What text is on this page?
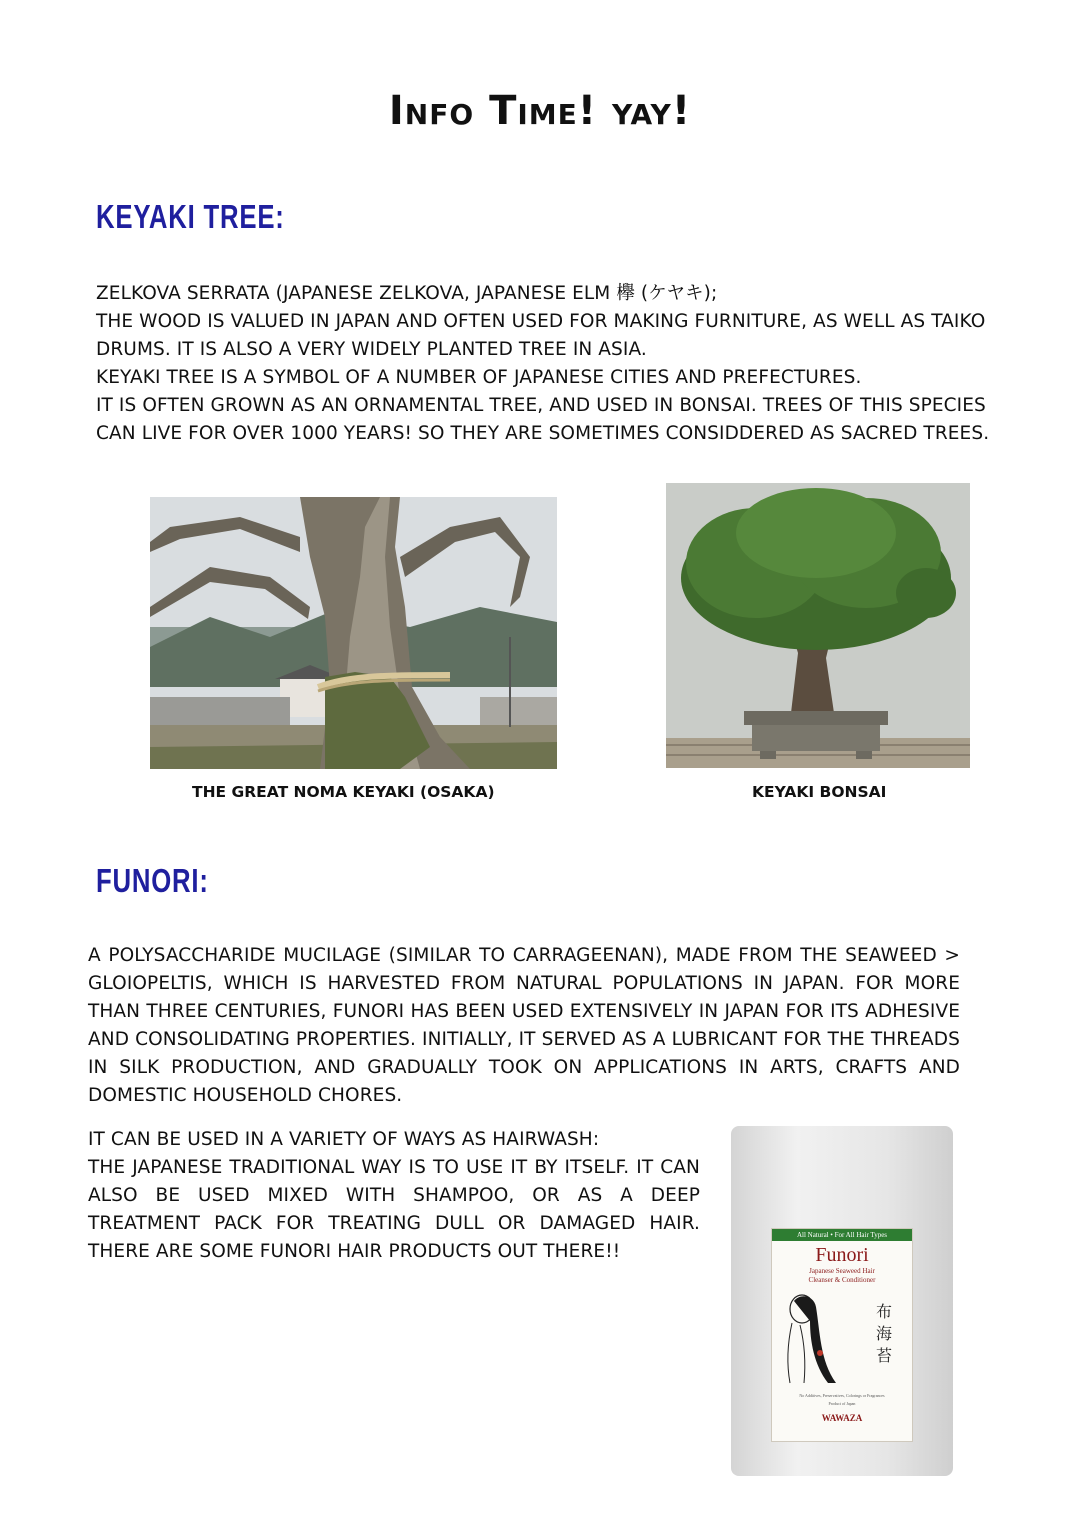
Info Time! yay!
KEYAKI TREE:

ZELKOVA SERRATA (JAPANESE ZELKOVA, JAPANESE ELM 欅 (ケヤキ);

THE WOOD IS VALUED IN JAPAN AND OFTEN USED FOR MAKING FURNITURE, AS WELL AS TAIKO DRUMS. IT IS ALSO A VERY WIDELY PLANTED TREE IN ASIA.

KEYAKI TREE IS A SYMBOL OF A NUMBER OF JAPANESE CITIES AND PREFECTURES.

IT IS OFTEN GROWN AS AN ORNAMENTAL TREE, AND USED IN BONSAI. TREES OF THIS SPECIES CAN LIVE FOR OVER 1000 YEARS! SO THEY ARE SOMETIMES CONSIDDERED AS SACRED TREES.

THE GREAT NOMA KEYAKI (OSAKA)	KEYAKI BONSAI
FUNORI:
A POLYSACCHARIDE MUCILAGE (SIMILAR TO CARRAGEENAN), MADE FROM THE SEAWEED > GLOIOPELTIS, WHICH IS HARVESTED FROM NATURAL POPULATIONS IN JAPAN. FOR MORE THAN THREE CENTURIES, FUNORI HAS BEEN USED EXTENSIVELY IN JAPAN FOR ITS ADHESIVE AND CONSOLIDATING PROPERTIES. INITIALLY, IT SERVED AS A LUBRICANT FOR THE THREADS IN SILK PRODUCTION, AND GRADUALLY TOOK ON APPLICATIONS IN ARTS, CRAFTS AND DOMESTIC HOUSEHOLD CHORES.

IT CAN BE USED IN A VARIETY OF WAYS AS HAIRWASH:

THE JAPANESE TRADITIONAL WAY IS TO USE IT BY ITSELF. IT CAN ALSO BE USED MIXED WITH SHAMPOO, OR AS A DEEP TREATMENT PACK FOR TREATING DULL OR DAMAGED HAIR. THERE ARE SOME FUNORI HAIR PRODUCTS OUT THERE!!

All Natural • For All Hair Types
Funori
Japanese Seaweed Hair
Cleanser & Conditioner
布海苔
No Additives, Preservatives, Colorings or Fragrances
Product of Japan
WAWAZA
